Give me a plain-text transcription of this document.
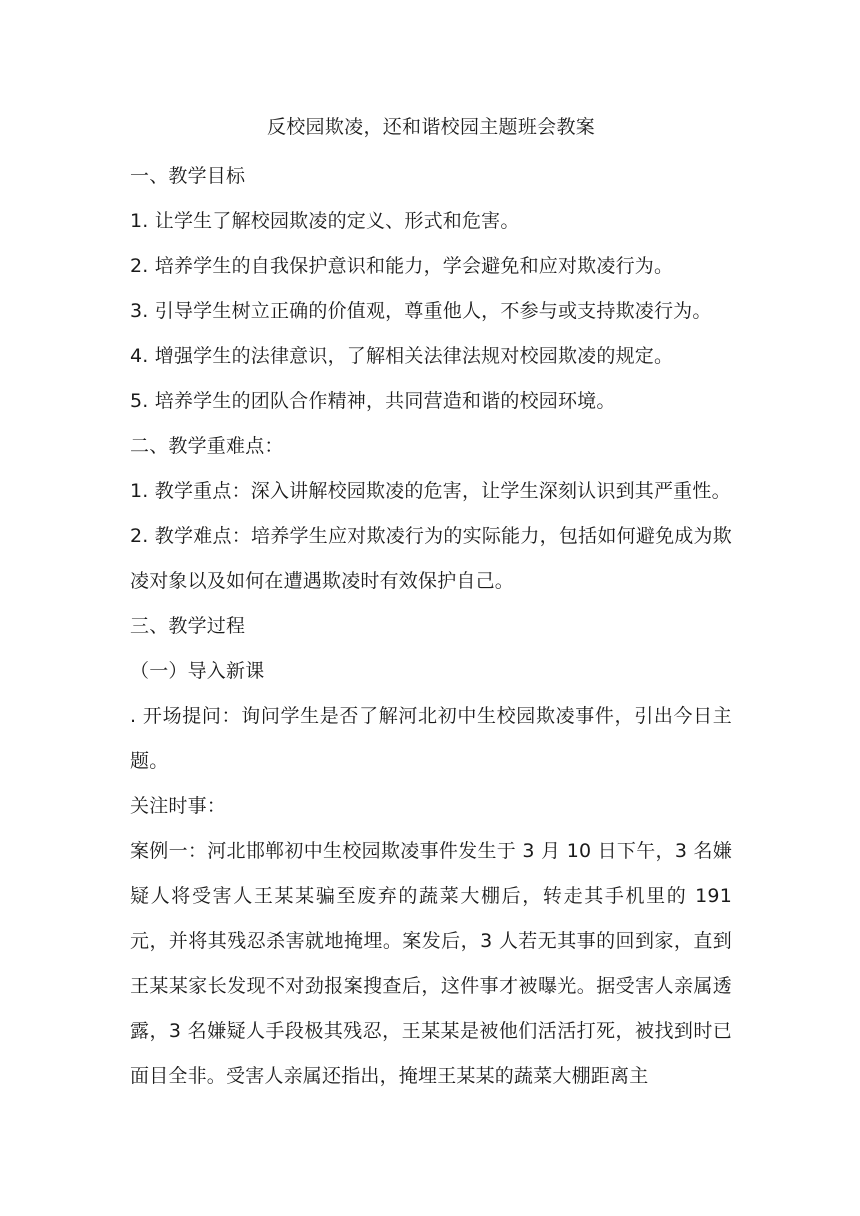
反校园欺凌，还和谐校园主题班会教案

一、教学目标

1. 让学生了解校园欺凌的定义、形式和危害。

2. 培养学生的自我保护意识和能力，学会避免和应对欺凌行为。

3. 引导学生树立正确的价值观，尊重他人，不参与或支持欺凌行为。

4. 增强学生的法律意识，了解相关法律法规对校园欺凌的规定。

5. 培养学生的团队合作精神，共同营造和谐的校园环境。

二、教学重难点：

1. 教学重点：深入讲解校园欺凌的危害，让学生深刻认识到其严重性。

2. 教学难点：培养学生应对欺凌行为的实际能力，包括如何避免成为欺凌对象以及如何在遭遇欺凌时有效保护自己。

三、教学过程

（一）导入新课

. 开场提问：询问学生是否了解河北初中生校园欺凌事件，引出今日主题。

关注时事：

案例一：河北邯郸初中生校园欺凌事件发生于 3 月 10 日下午，3 名嫌疑人将受害人王某某骗至废弃的蔬菜大棚后，转走其手机里的 191 元，并将其残忍杀害就地掩埋。案发后，3 人若无其事的回到家，直到王某某家长发现不对劲报案搜查后，这件事才被曝光。据受害人亲属透露，3 名嫌疑人手段极其残忍，王某某是被他们活活打死，被找到时已面目全非。受害人亲属还指出，掩埋王某某的蔬菜大棚距离主
